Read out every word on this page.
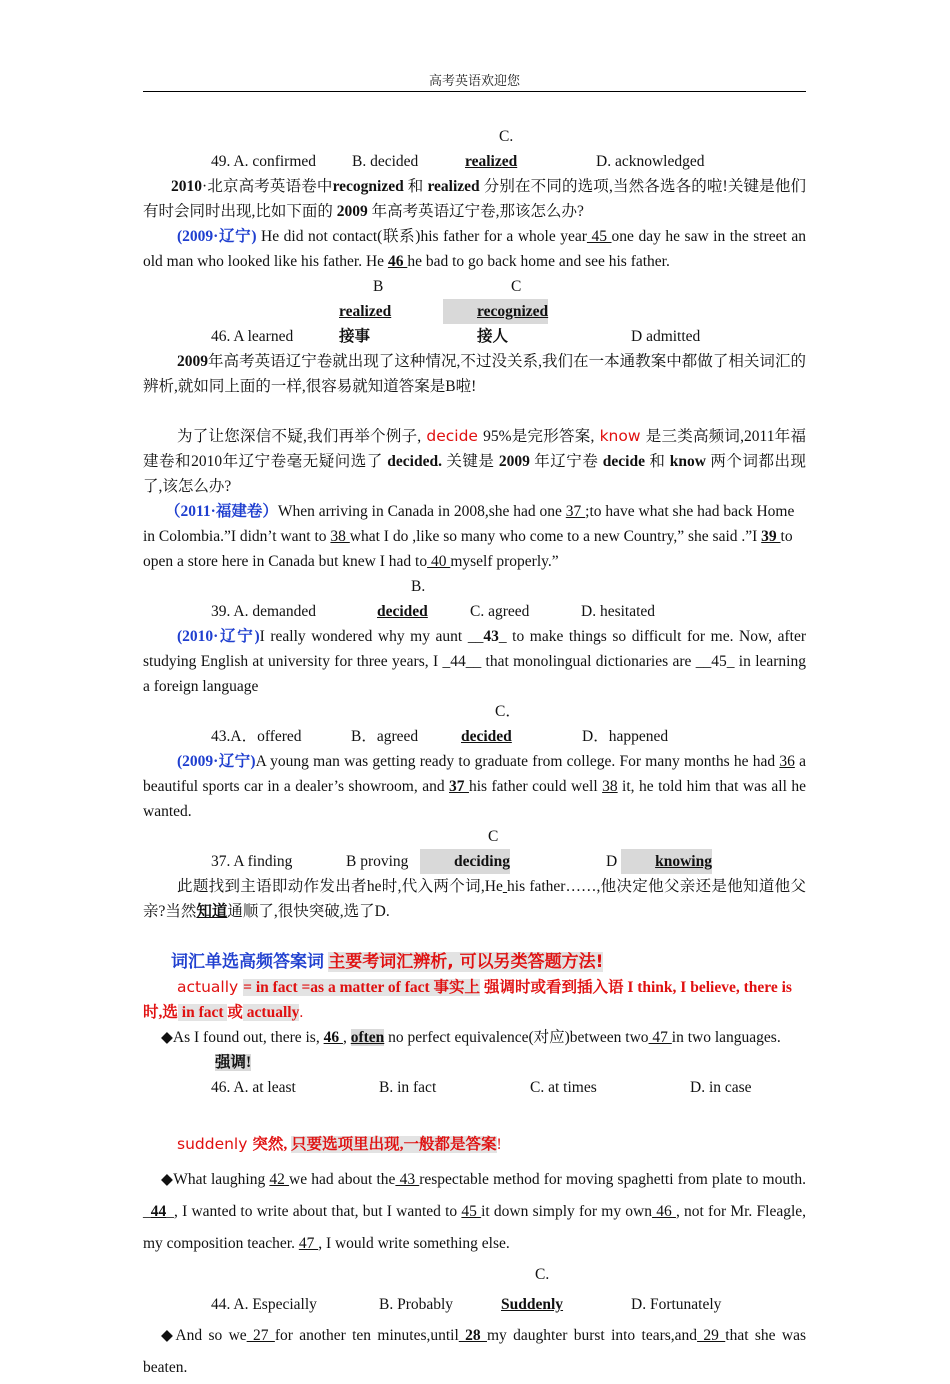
高考英语欢迎您

49. A. confirmed B. decidedC. realized	D. acknowledged

2010·北京高考英语卷中recognized 和 realized 分别在不同的选项,当然各选各的啦!关键是他们有时会同时出现,比如下面的 2009 年高考英语辽宁卷,那该怎么办?

(2009·辽宁) He did not contact(联系)his father for a whole year 45 one day he saw in the street an old man who looked like his father. He 46 he bad to go back home and see his father.

46. A learnedB realized接事C recognized接人	D admitted

2009年高考英语辽宁卷就出现了这种情况,不过没关系,我们在一本通教案中都做了相关词汇的辨析,就如同上面的一样,很容易就知道答案是B啦!

为了让您深信不疑,我们再举个例子, decide 95%是完形答案, know 是三类高频词,2011年福建卷和2010年辽宁卷毫无疑问选了 decided. 关键是 2009 年辽宁卷 decide 和 know 两个词都出现了,该怎么办?

（2011·福建卷）When arriving in Canada in 2008,she had one 37 ;to have what she had back Home in Colombia.”I didn’t want to 38 what I do ,like so many who come to a new Country,” she said .”I 39 to open a store here in Canada but knew I had to 40 myself properly.”

39. A. demandedB. decided	C. agreed	D. hesitated

(2010·辽宁)I really wondered why my aunt __43_ to make things so difficult for me. Now, after studying English at university for three years, I _44__ that monolingual dictionaries are __45_ in learning a foreign language

43.A．offered	B．agreedC．decided	D．happened

(2009·辽宁)A young man was getting ready to graduate from college. For many months he had 36 a beautiful sports car in a dealer’s showroom, and 37 his father could well 38 it, he told him that was all he wanted.

37. A finding	B provingC deciding	D knowing

此题找到主语即动作发出者he时,代入两个词,He his father……,他决定他父亲还是他知道他父亲?当然知道通顺了,很快突破,选了D.

词汇单选高频答案词 主要考词汇辨析, 可以另类答题方法!

actually = in fact =as a matter of fact 事实上 强调时或看到插入语 I think, I believe, there is 时,选 in fact 或 actually.

◆As I found out, there is, 46 , often no perfect equivalence(对应)between two 47 in two languages.强调!

46. A. at least	B. in fact	C. at times	D. in case

suddenly 突然, 只要选项里出现,一般都是答案!

◆What laughing 42 we had about the 43 respectable method for moving spaghetti from plate to mouth. _44_, I wanted to write about that, but I wanted to 45 it down simply for my own 46 , not for Mr. Fleagle, my composition teacher. 47 , I would write something else.

44. A. Especially	B. ProbablyC. Suddenly	D. Fortunately

◆And so we 27 for another ten minutes,until 28 my daughter burst into tears,and 29 that she was beaten.
